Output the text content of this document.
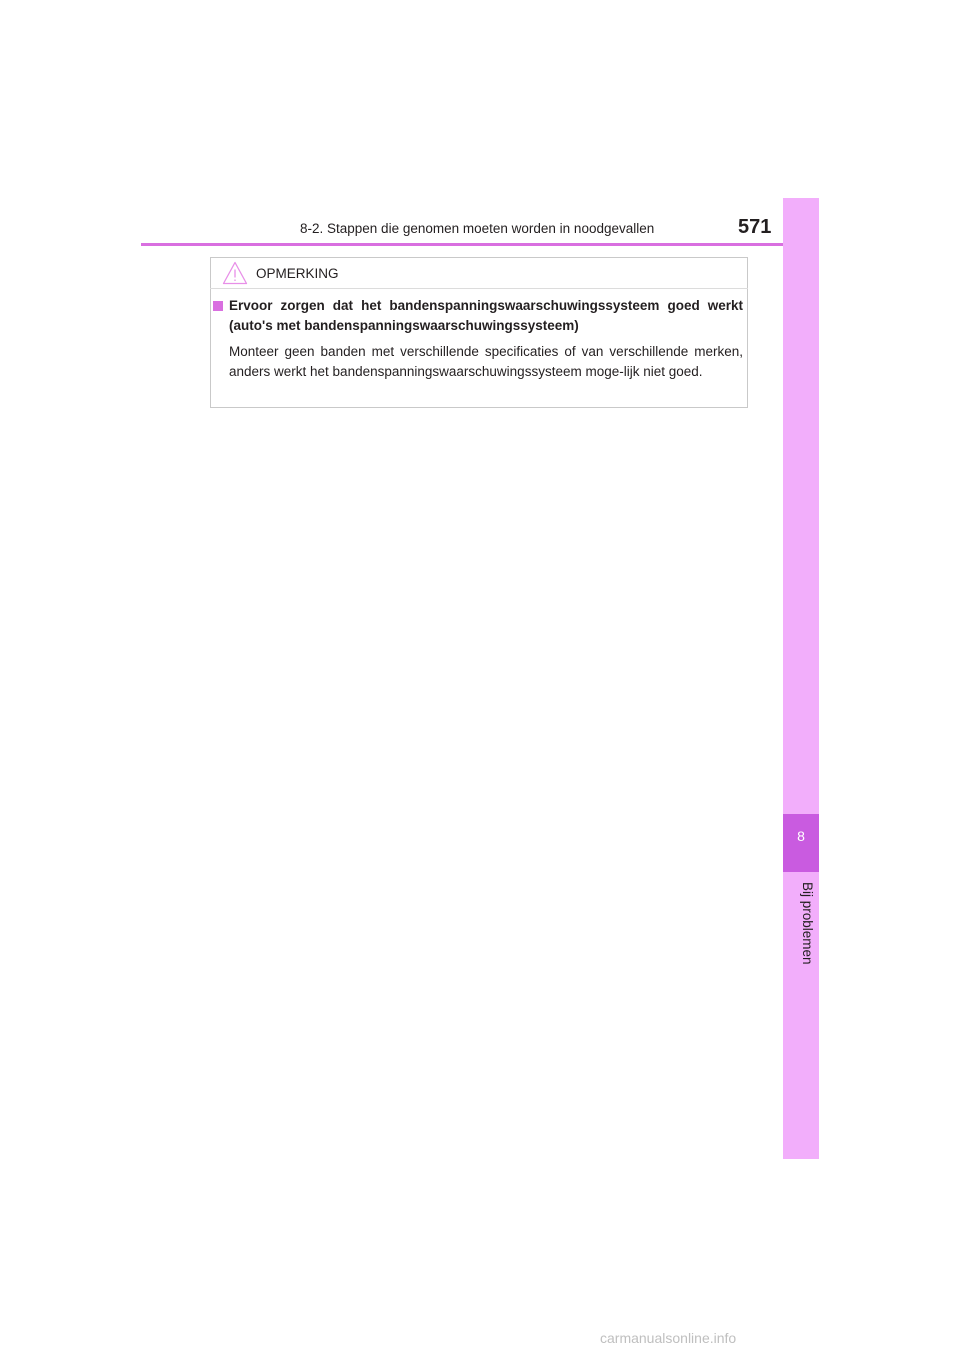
8-2. Stappen die genomen moeten worden in noodgevallen	571
8
Bij problemen
OPMERKING
Ervoor zorgen dat het bandenspanningswaarschuwingssysteem goed werkt (auto's met bandenspanningswaarschuwingssysteem)
Monteer geen banden met verschillende specificaties of van verschillende merken, anders werkt het bandenspanningswaarschuwingssysteem moge-lijk niet goed.
carmanualsonline.info
